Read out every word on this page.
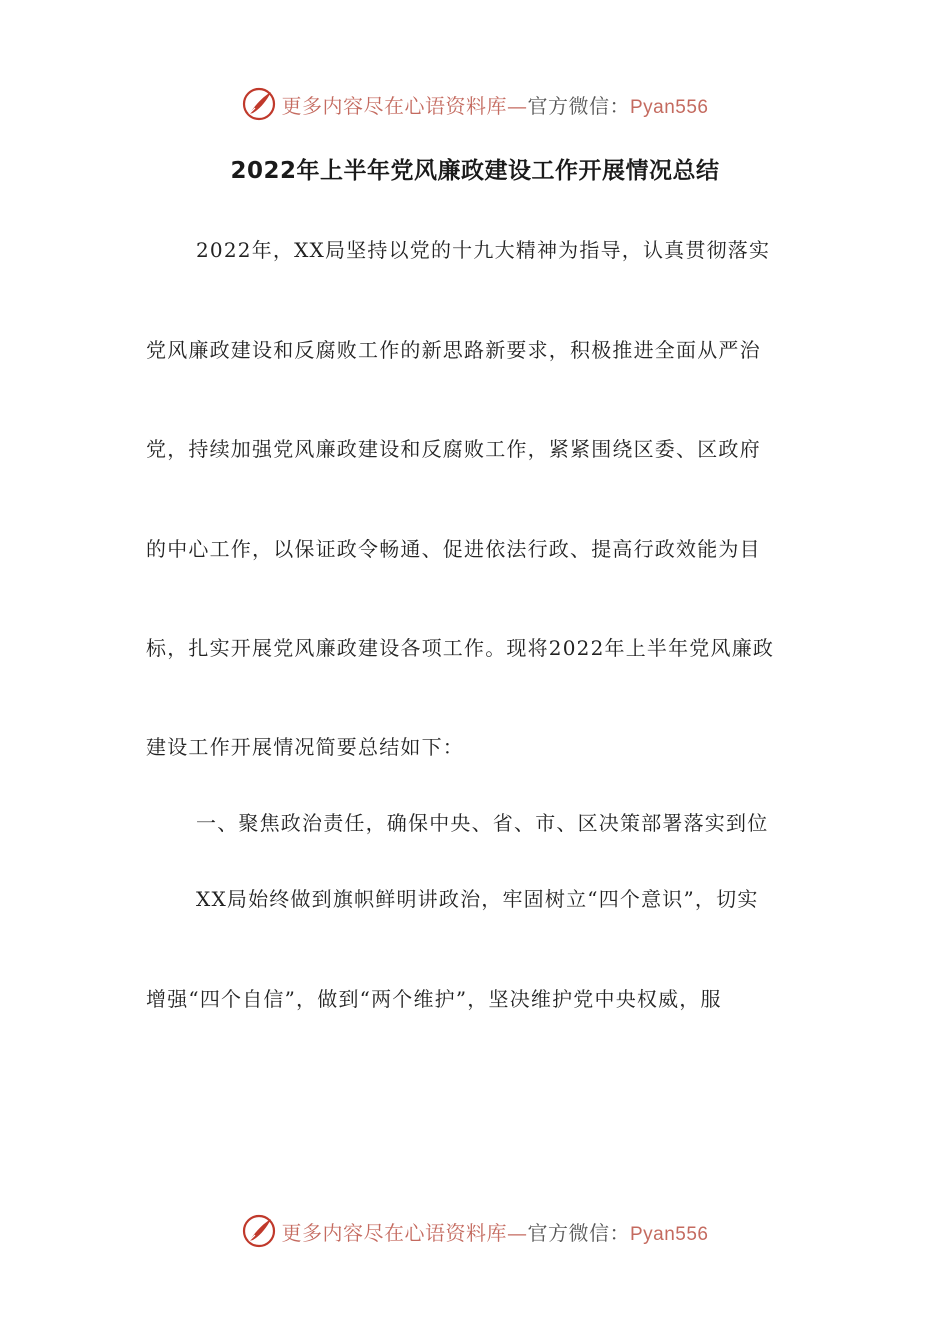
更多内容尽在心语资料库—官方微信：Pyan556
2022年上半年党风廉政建设工作开展情况总结
2022年，XX局坚持以党的十九大精神为指导，认真贯彻落实
党风廉政建设和反腐败工作的新思路新要求，积极推进全面从严治
党，持续加强党风廉政建设和反腐败工作，紧紧围绕区委、区政府
的中心工作，以保证政令畅通、促进依法行政、提高行政效能为目
标，扎实开展党风廉政建设各项工作。现将2022年上半年党风廉政
建设工作开展情况简要总结如下：
一、聚焦政治责任，确保中央、省、市、区决策部署落实到位
XX局始终做到旗帜鲜明讲政治，牢固树立“四个意识”，切实
增强“四个自信”，做到“两个维护”，坚决维护党中央权威，服
更多内容尽在心语资料库—官方微信：Pyan556
